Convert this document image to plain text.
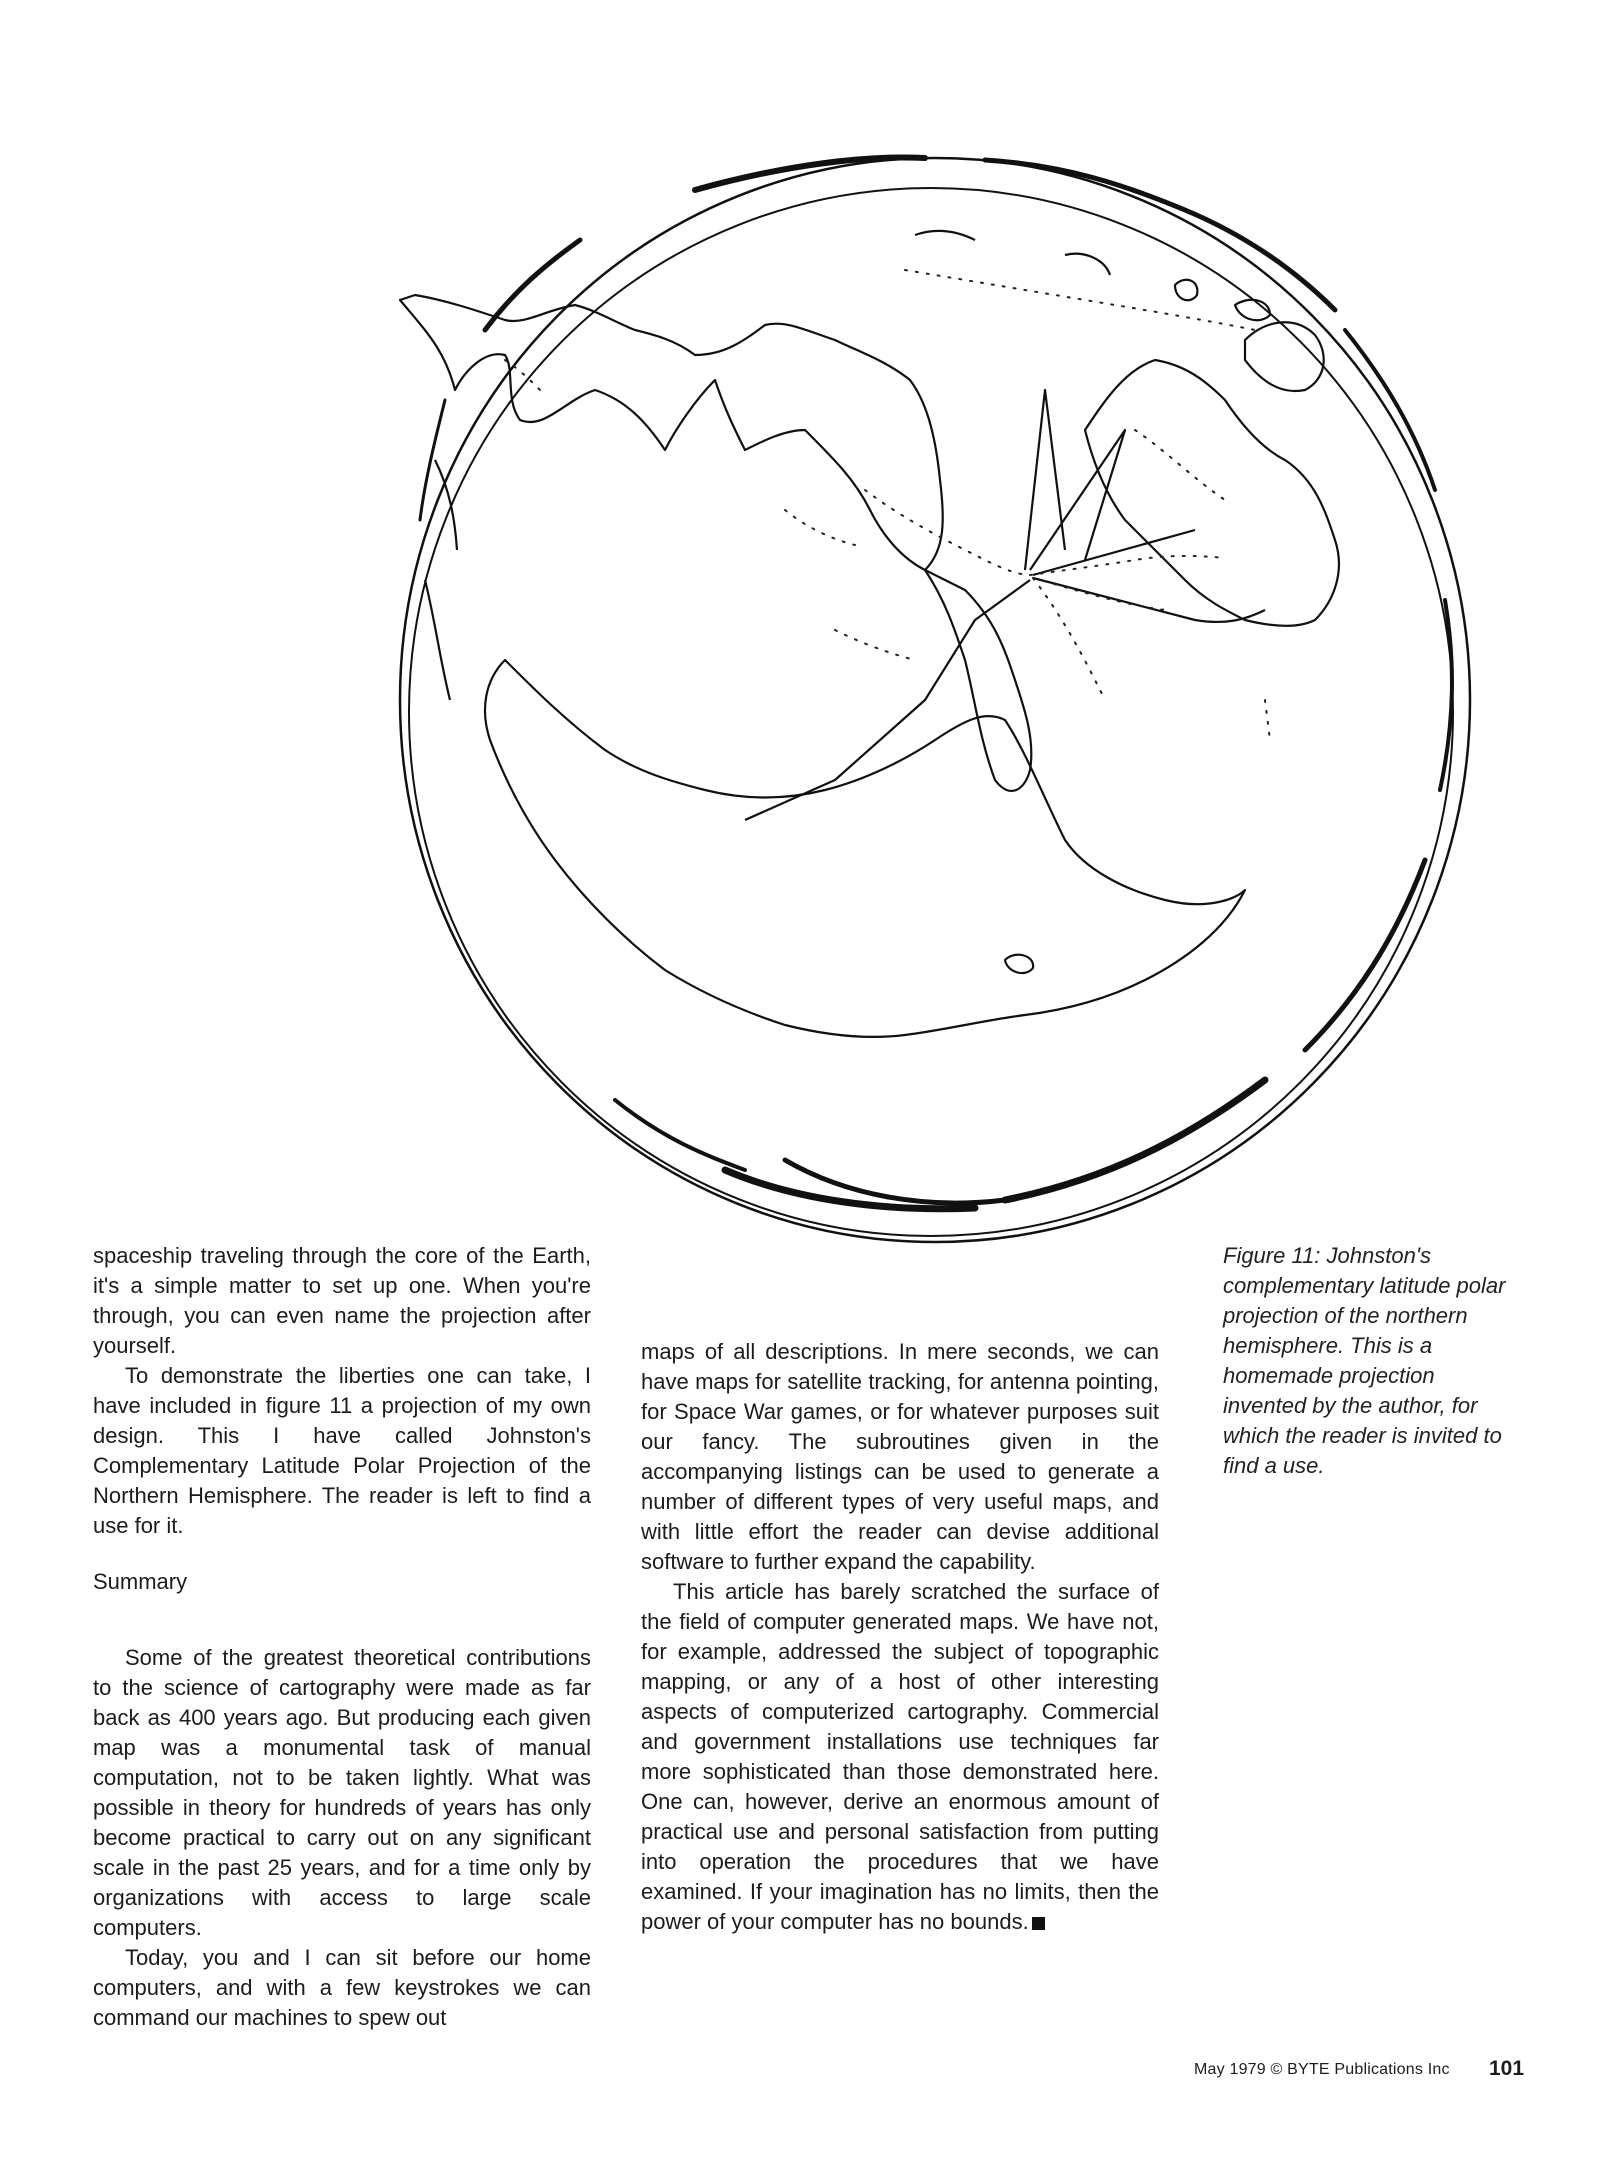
spaceship traveling through the core of the Earth, it's a simple matter to set up one. When you're through, you can even name the projection after yourself.

To demonstrate the liberties one can take, I have included in figure 11 a projection of my own design. This I have called Johnston's Complementary Latitude Polar Projection of the Northern Hemisphere. The reader is left to find a use for it.

Summary

Some of the greatest theoretical contributions to the science of cartography were made as far back as 400 years ago. But producing each given map was a monumental task of manual computation, not to be taken lightly. What was possible in theory for hundreds of years has only become practical to carry out on any significant scale in the past 25 years, and for a time only by organizations with access to large scale computers.

Today, you and I can sit before our home computers, and with a few keystrokes we can command our machines to spew out

maps of all descriptions. In mere seconds, we can have maps for satellite tracking, for antenna pointing, for Space War games, or for whatever purposes suit our fancy. The subroutines given in the accompanying listings can be used to generate a number of different types of very useful maps, and with little effort the reader can devise additional software to further expand the capability.

This article has barely scratched the surface of the field of computer generated maps. We have not, for example, addressed the subject of topographic mapping, or any of a host of other interesting aspects of computerized cartography. Commercial and government installations use techniques far more sophisticated than those demonstrated here. One can, however, derive an enormous amount of practical use and personal satisfaction from putting into operation the procedures that we have examined. If your imagination has no limits, then the power of your computer has no bounds.

Figure 11: Johnston's complementary latitude polar projection of the northern hemisphere. This is a homemade projection invented by the author, for which the reader is invited to find a use.
May 1979 © BYTE Publications Inc 101
